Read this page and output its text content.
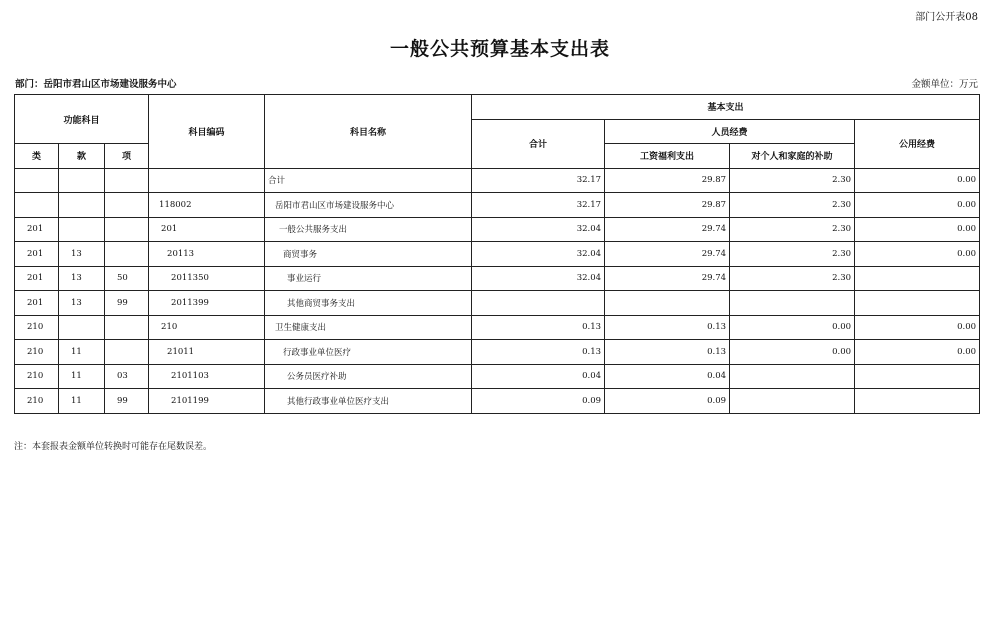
部门公开表08
一般公共预算基本支出表
部门：岳阳市君山区市场建设服务中心	金额单位：万元
功能科目			科目编码	科目名称	基本支出			
					合计	人员经费		公用经费
类	款	项				工资福利支出	对个人和家庭的补助	
				合计	32.17	29.87	2.30	0.00
			118002	岳阳市君山区市场建设服务中心	32.17	29.87	2.30	0.00
201			201	一般公共服务支出	32.04	29.74	2.30	0.00
201	13		20113	商贸事务	32.04	29.74	2.30	0.00
201	13	50	2011350	事业运行	32.04	29.74	2.30	
201	13	99	2011399	其他商贸事务支出				
210			210	卫生健康支出	0.13	0.13	0.00	0.00
210	11		21011	行政事业单位医疗	0.13	0.13	0.00	0.00
210	11	03	2101103	公务员医疗补助	0.04	0.04		
210	11	99	2101199	其他行政事业单位医疗支出	0.09	0.09		
注：本套报表金额单位转换时可能存在尾数误差。
